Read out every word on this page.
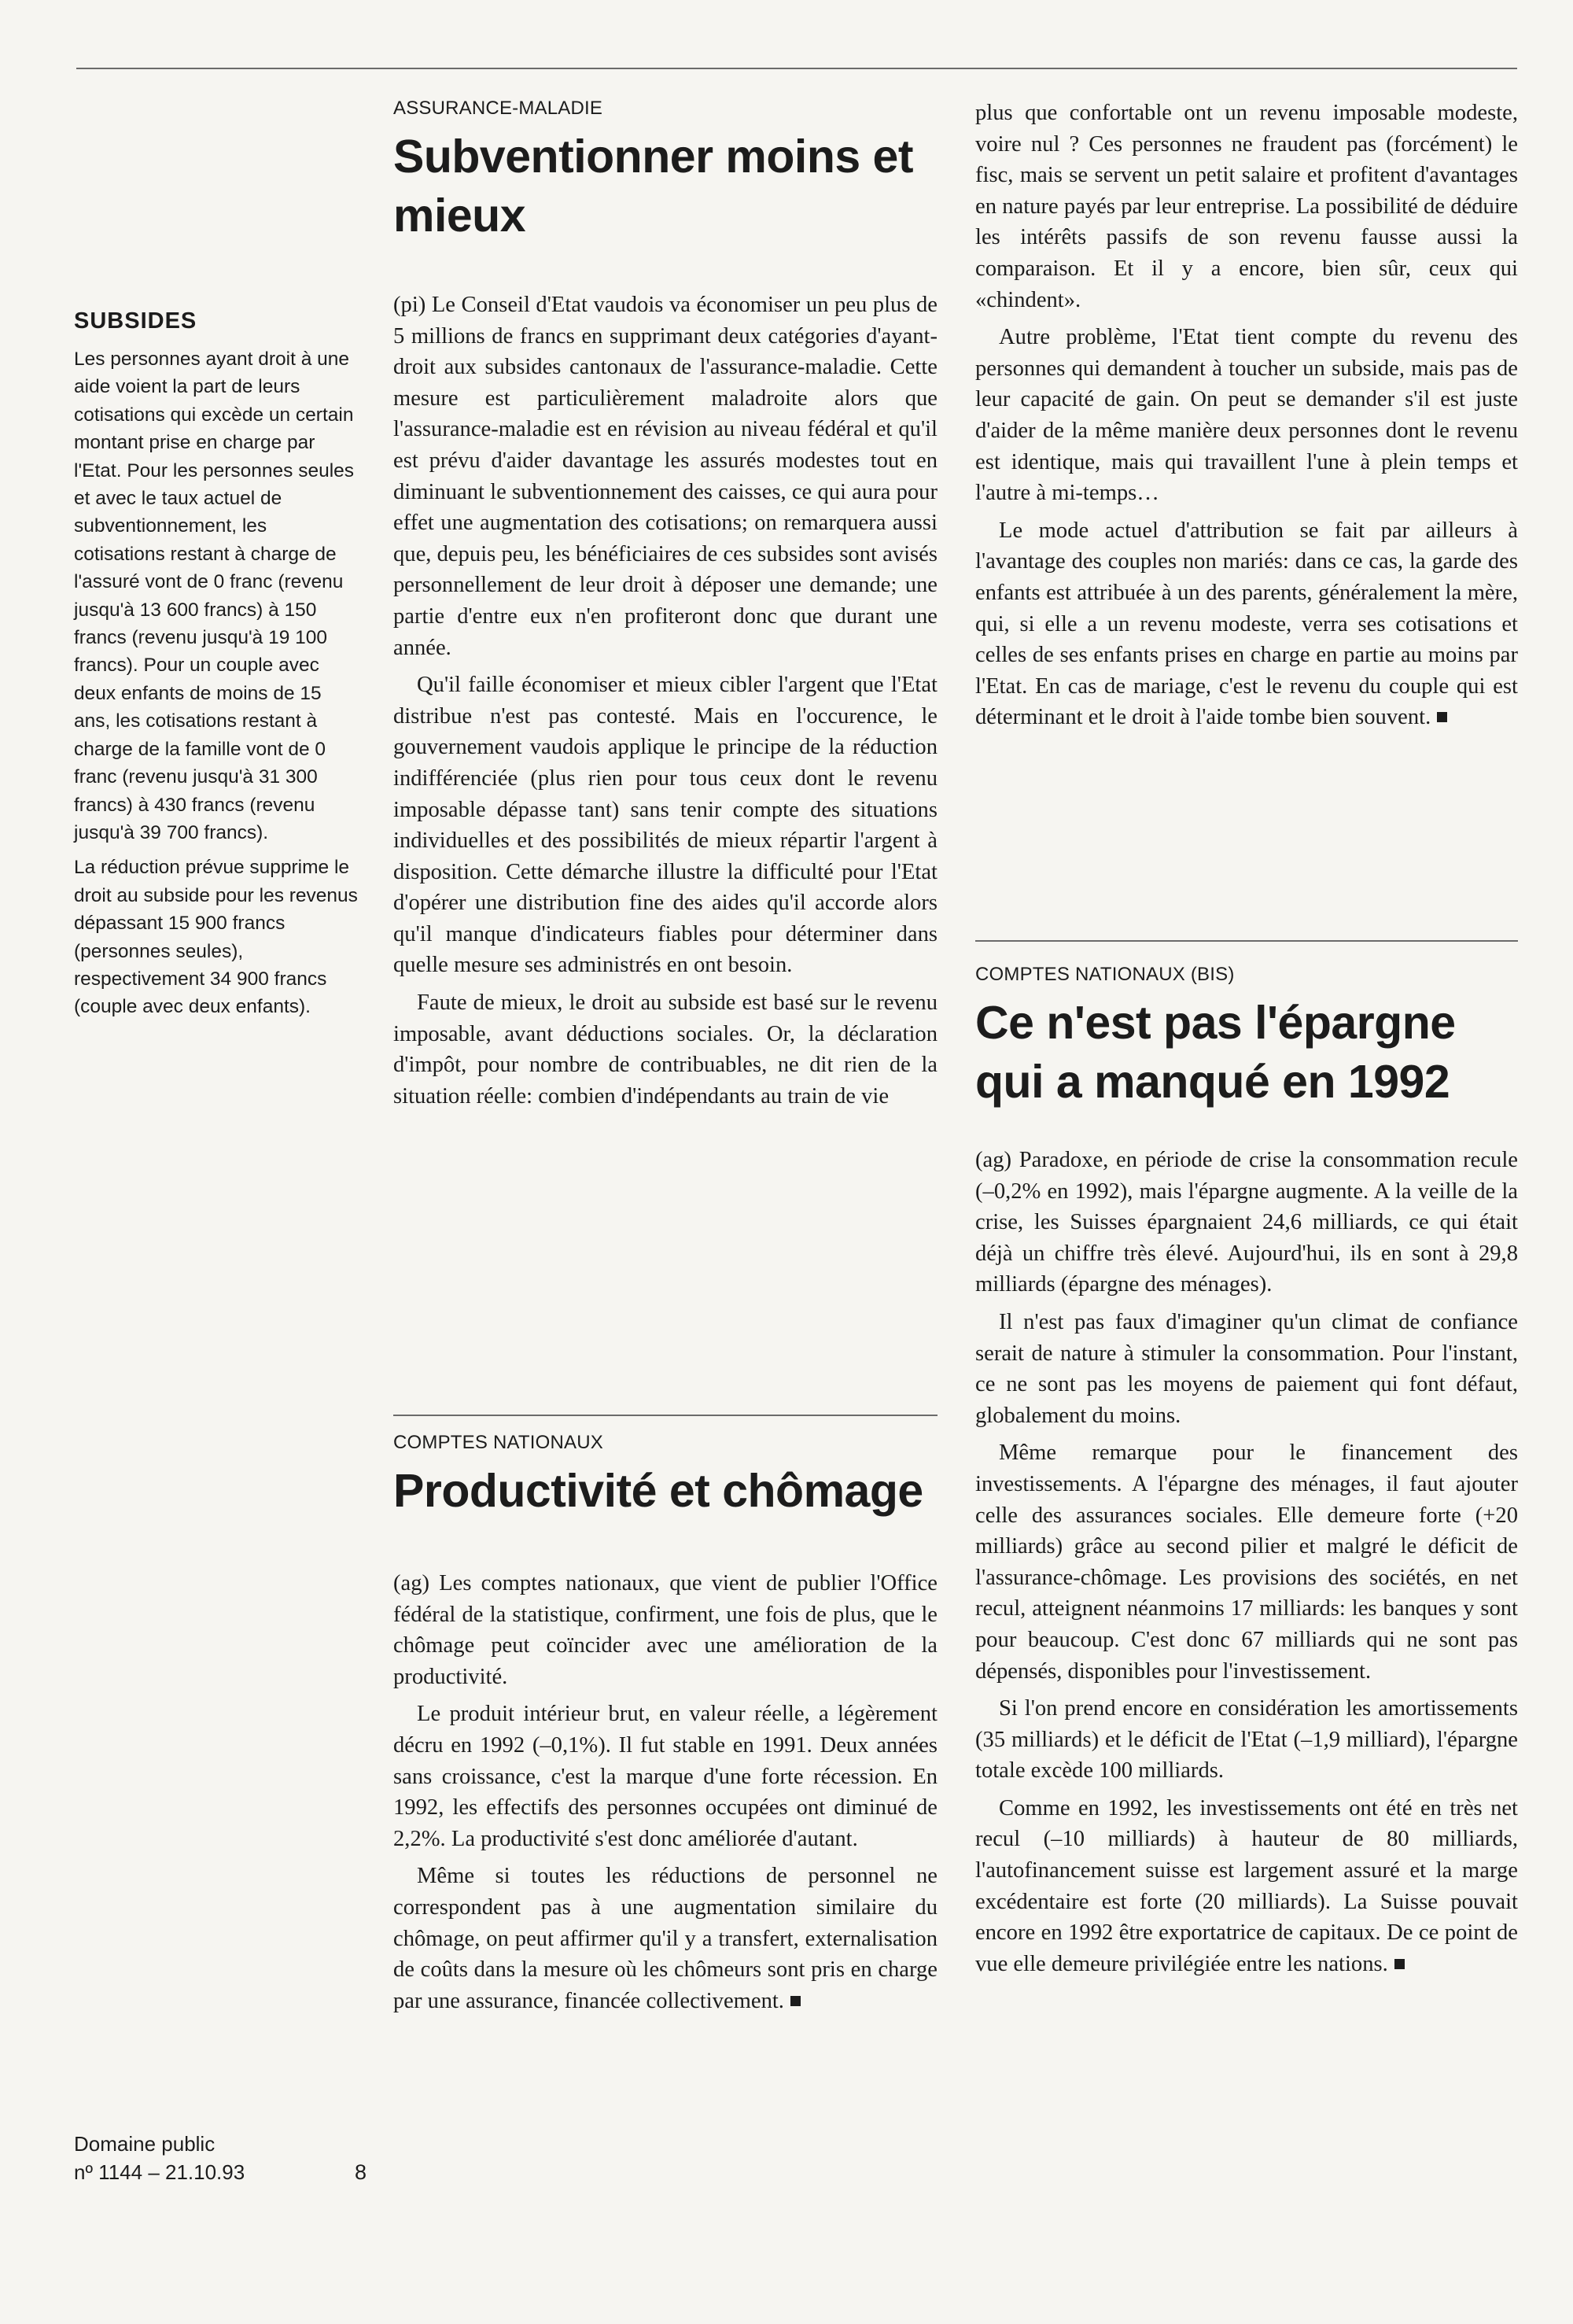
SUBSIDES

Les personnes ayant droit à une aide voient la part de leurs cotisations qui excède un certain montant prise en charge par l'Etat. Pour les personnes seules et avec le taux actuel de subventionnement, les cotisations restant à charge de l'assuré vont de 0 franc (revenu jusqu'à 13 600 francs) à 150 francs (revenu jusqu'à 19 100 francs). Pour un couple avec deux enfants de moins de 15 ans, les cotisations restant à charge de la famille vont de 0 franc (revenu jusqu'à 31 300 francs) à 430 francs (revenu jusqu'à 39 700 francs).

La réduction prévue supprime le droit au subside pour les revenus dépassant 15 900 francs (personnes seules), respectivement 34 900 francs (couple avec deux enfants).

Domaine public
nº 1144 – 21.10.93	8
ASSURANCE-MALADIE
Subventionner moins et mieux

(pi) Le Conseil d'Etat vaudois va économiser un peu plus de 5 millions de francs en supprimant deux catégories d'ayant-droit aux subsides cantonaux de l'assurance-maladie. Cette mesure est particulièrement maladroite alors que l'assurance-maladie est en révision au niveau fédéral et qu'il est prévu d'aider davantage les assurés modestes tout en diminuant le subventionnement des caisses, ce qui aura pour effet une augmentation des cotisations; on remarquera aussi que, depuis peu, les bénéficiaires de ces subsides sont avisés personnellement de leur droit à déposer une demande; une partie d'entre eux n'en profiteront donc que durant une année.

Qu'il faille économiser et mieux cibler l'argent que l'Etat distribue n'est pas contesté. Mais en l'occurence, le gouvernement vaudois applique le principe de la réduction indifférenciée (plus rien pour tous ceux dont le revenu imposable dépasse tant) sans tenir compte des situations individuelles et des possibilités de mieux répartir l'argent à disposition. Cette démarche illustre la difficulté pour l'Etat d'opérer une distribution fine des aides qu'il accorde alors qu'il manque d'indicateurs fiables pour déterminer dans quelle mesure ses administrés en ont besoin.

Faute de mieux, le droit au subside est basé sur le revenu imposable, avant déductions sociales. Or, la déclaration d'impôt, pour nombre de contribuables, ne dit rien de la situation réelle: combien d'indépendants au train de vie

plus que confortable ont un revenu imposable modeste, voire nul ? Ces personnes ne fraudent pas (forcément) le fisc, mais se servent un petit salaire et profitent d'avantages en nature payés par leur entreprise. La possibilité de déduire les intérêts passifs de son revenu fausse aussi la comparaison. Et il y a encore, bien sûr, ceux qui «chindent».

Autre problème, l'Etat tient compte du revenu des personnes qui demandent à toucher un subside, mais pas de leur capacité de gain. On peut se demander s'il est juste d'aider de la même manière deux personnes dont le revenu est identique, mais qui travaillent l'une à plein temps et l'autre à mi-temps…

Le mode actuel d'attribution se fait par ailleurs à l'avantage des couples non mariés: dans ce cas, la garde des enfants est attribuée à un des parents, généralement la mère, qui, si elle a un revenu modeste, verra ses cotisations et celles de ses enfants prises en charge en partie au moins par l'Etat. En cas de mariage, c'est le revenu du couple qui est déterminant et le droit à l'aide tombe bien souvent.

COMPTES NATIONAUX
Productivité et chômage

(ag) Les comptes nationaux, que vient de publier l'Office fédéral de la statistique, confirment, une fois de plus, que le chômage peut coïncider avec une amélioration de la productivité.

Le produit intérieur brut, en valeur réelle, a légèrement décru en 1992 (–0,1%). Il fut stable en 1991. Deux années sans croissance, c'est la marque d'une forte récession. En 1992, les effectifs des personnes occupées ont diminué de 2,2%. La productivité s'est donc améliorée d'autant.

Même si toutes les réductions de personnel ne correspondent pas à une augmentation similaire du chômage, on peut affirmer qu'il y a transfert, externalisation de coûts dans la mesure où les chômeurs sont pris en charge par une assurance, financée collectivement.

COMPTES NATIONAUX (BIS)
Ce n'est pas l'épargne qui a manqué en 1992

(ag) Paradoxe, en période de crise la consommation recule (–0,2% en 1992), mais l'épargne augmente. A la veille de la crise, les Suisses épargnaient 24,6 milliards, ce qui était déjà un chiffre très élevé. Aujourd'hui, ils en sont à 29,8 milliards (épargne des ménages).

Il n'est pas faux d'imaginer qu'un climat de confiance serait de nature à stimuler la consommation. Pour l'instant, ce ne sont pas les moyens de paiement qui font défaut, globalement du moins.

Même remarque pour le financement des investissements. A l'épargne des ménages, il faut ajouter celle des assurances sociales. Elle demeure forte (+20 milliards) grâce au second pilier et malgré le déficit de l'assurance-chômage. Les provisions des sociétés, en net recul, atteignent néanmoins 17 milliards: les banques y sont pour beaucoup. C'est donc 67 milliards qui ne sont pas dépensés, disponibles pour l'investissement.

Si l'on prend encore en considération les amortissements (35 milliards) et le déficit de l'Etat (–1,9 milliard), l'épargne totale excède 100 milliards.

Comme en 1992, les investissements ont été en très net recul (–10 milliards) à hauteur de 80 milliards, l'autofinancement suisse est largement assuré et la marge excédentaire est forte (20 milliards). La Suisse pouvait encore en 1992 être exportatrice de capitaux. De ce point de vue elle demeure privilégiée entre les nations.
